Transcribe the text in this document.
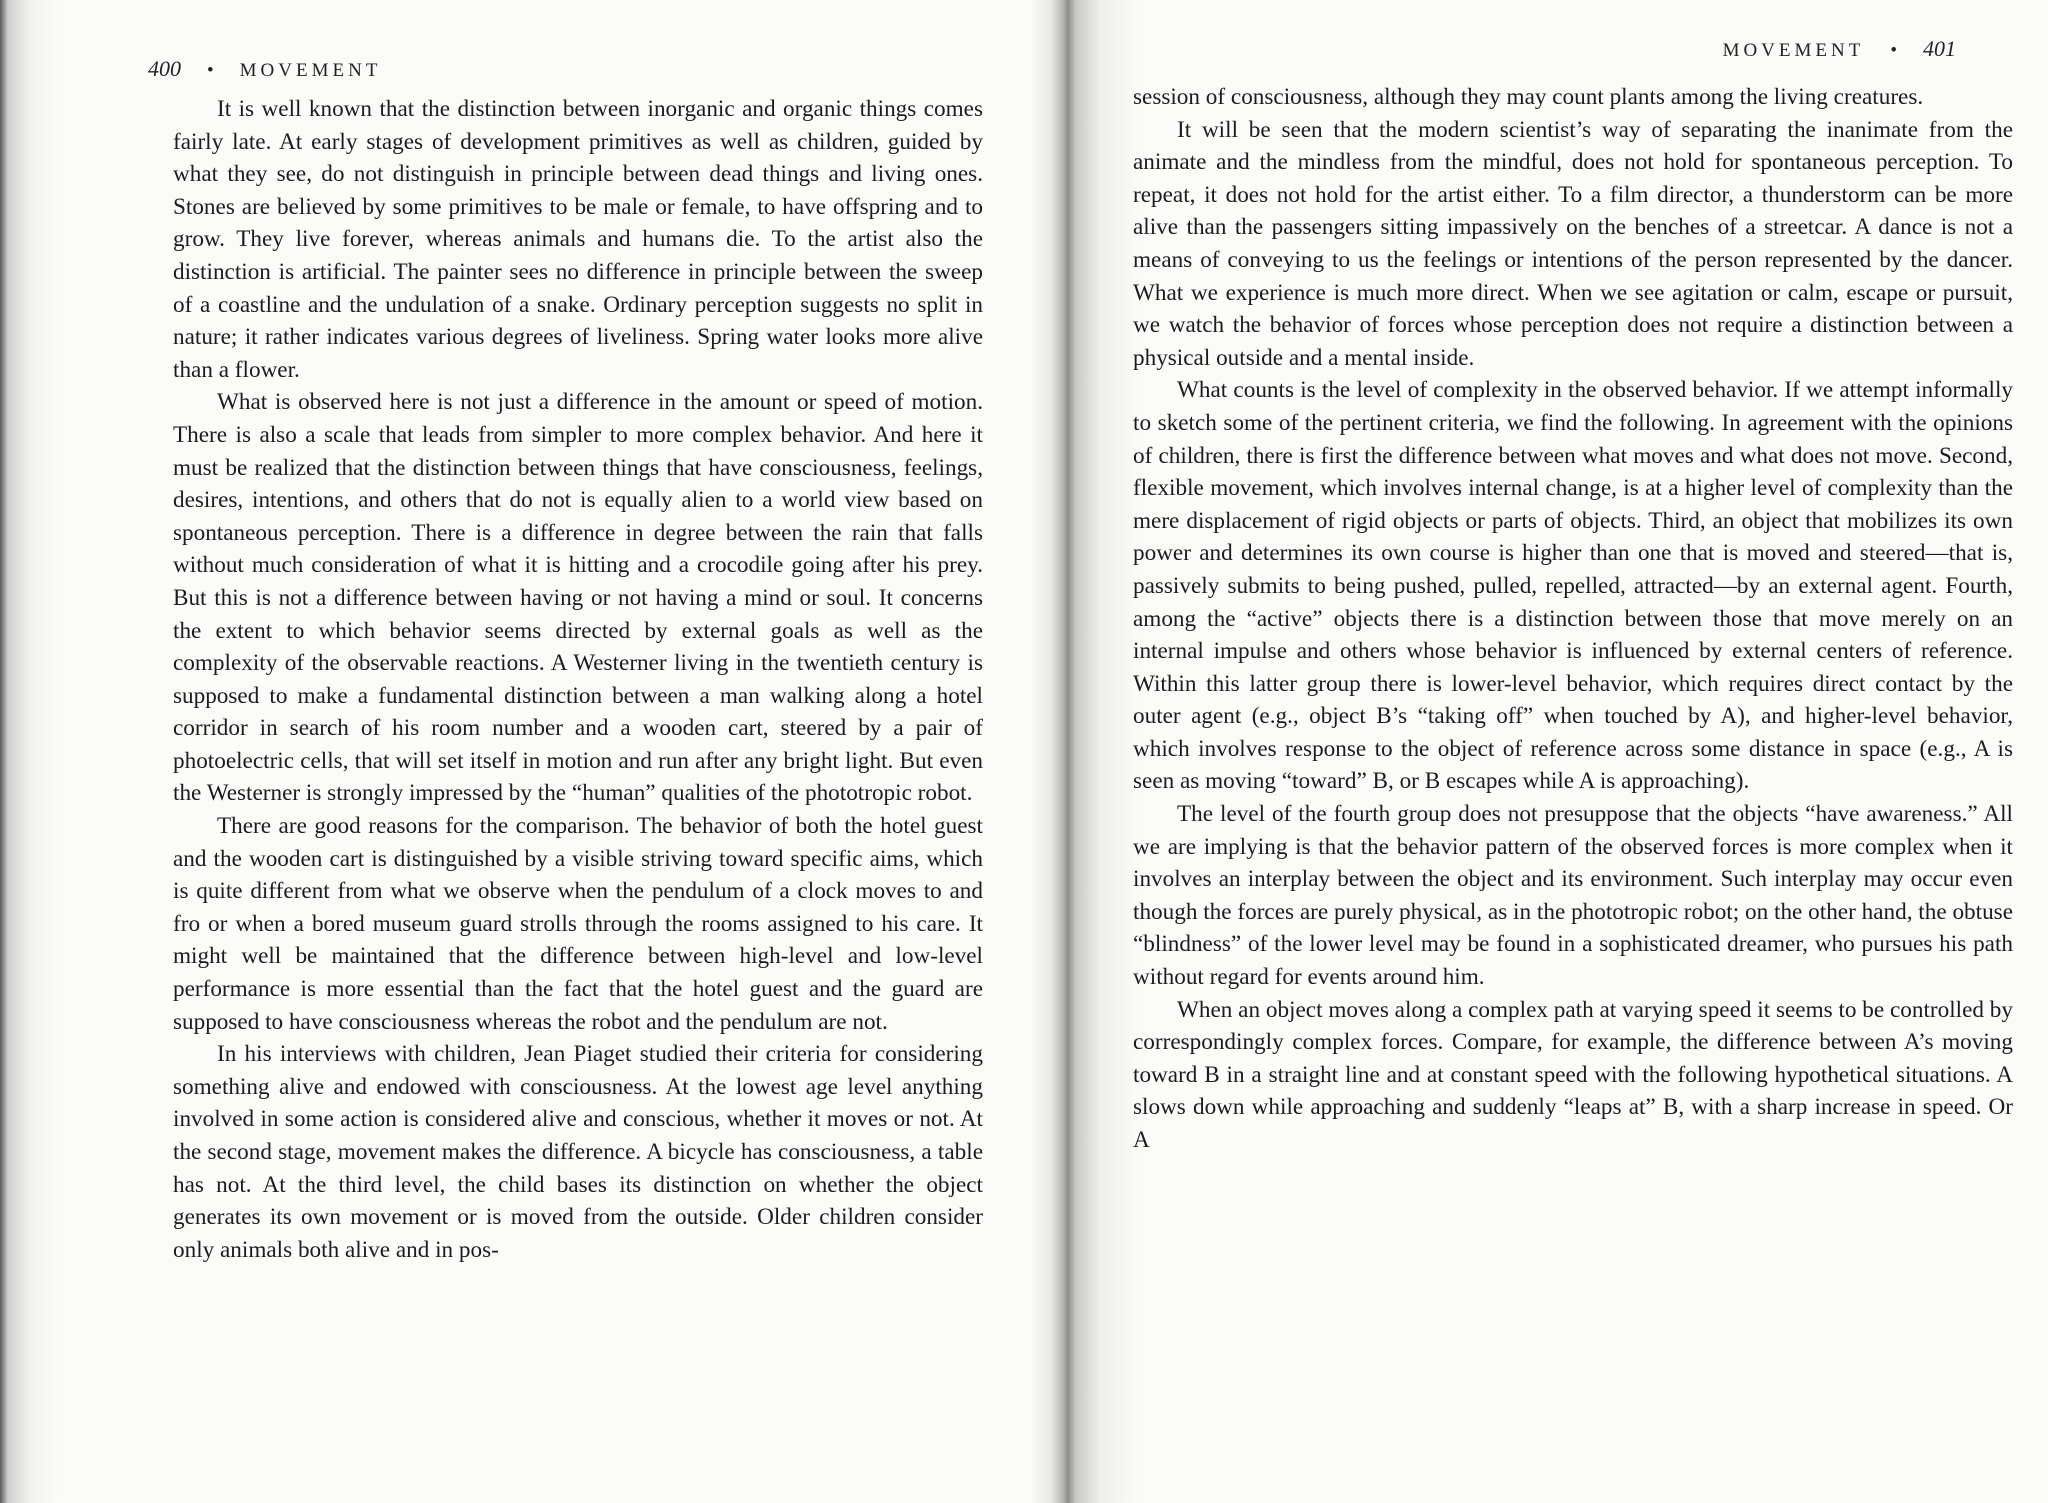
400 • MOVEMENT

It is well known that the distinction between inorganic and organic things comes fairly late. At early stages of development primitives as well as children, guided by what they see, do not distinguish in principle between dead things and living ones. Stones are believed by some primitives to be male or female, to have offspring and to grow. They live forever, whereas animals and humans die. To the artist also the distinction is artificial. The painter sees no difference in principle between the sweep of a coastline and the undulation of a snake. Ordinary perception suggests no split in nature; it rather indicates various degrees of liveliness. Spring water looks more alive than a flower.

What is observed here is not just a difference in the amount or speed of motion. There is also a scale that leads from simpler to more complex behavior. And here it must be realized that the distinction between things that have consciousness, feelings, desires, intentions, and others that do not is equally alien to a world view based on spontaneous perception. There is a difference in degree between the rain that falls without much consideration of what it is hitting and a crocodile going after his prey. But this is not a difference between having or not having a mind or soul. It concerns the extent to which behavior seems directed by external goals as well as the complexity of the observable reactions. A Westerner living in the twentieth century is supposed to make a fundamental distinction between a man walking along a hotel corridor in search of his room number and a wooden cart, steered by a pair of photoelectric cells, that will set itself in motion and run after any bright light. But even the Westerner is strongly impressed by the “human” qualities of the phototropic robot.

There are good reasons for the comparison. The behavior of both the hotel guest and the wooden cart is distinguished by a visible striving toward specific aims, which is quite different from what we observe when the pendulum of a clock moves to and fro or when a bored museum guard strolls through the rooms assigned to his care. It might well be maintained that the difference between high-level and low-level performance is more essential than the fact that the hotel guest and the guard are supposed to have consciousness whereas the robot and the pendulum are not.

In his interviews with children, Jean Piaget studied their criteria for considering something alive and endowed with consciousness. At the lowest age level anything involved in some action is considered alive and conscious, whether it moves or not. At the second stage, movement makes the difference. A bicycle has consciousness, a table has not. At the third level, the child bases its distinction on whether the object generates its own movement or is moved from the outside. Older children consider only animals both alive and in pos-

MOVEMENT • 401

session of consciousness, although they may count plants among the living creatures.

It will be seen that the modern scientist’s way of separating the inanimate from the animate and the mindless from the mindful, does not hold for spontaneous perception. To repeat, it does not hold for the artist either. To a film director, a thunderstorm can be more alive than the passengers sitting impassively on the benches of a streetcar. A dance is not a means of conveying to us the feelings or intentions of the person represented by the dancer. What we experience is much more direct. When we see agitation or calm, escape or pursuit, we watch the behavior of forces whose perception does not require a distinction between a physical outside and a mental inside.

What counts is the level of complexity in the observed behavior. If we attempt informally to sketch some of the pertinent criteria, we find the following. In agreement with the opinions of children, there is first the difference between what moves and what does not move. Second, flexible movement, which involves internal change, is at a higher level of complexity than the mere displacement of rigid objects or parts of objects. Third, an object that mobilizes its own power and determines its own course is higher than one that is moved and steered—that is, passively submits to being pushed, pulled, repelled, attracted—by an external agent. Fourth, among the “active” objects there is a distinction between those that move merely on an internal impulse and others whose behavior is influenced by external centers of reference. Within this latter group there is lower-level behavior, which requires direct contact by the outer agent (e.g., object B’s “taking off” when touched by A), and higher-level behavior, which involves response to the object of reference across some distance in space (e.g., A is seen as moving “toward” B, or B escapes while A is approaching).

The level of the fourth group does not presuppose that the objects “have awareness.” All we are implying is that the behavior pattern of the observed forces is more complex when it involves an interplay between the object and its environment. Such interplay may occur even though the forces are purely physical, as in the phototropic robot; on the other hand, the obtuse “blindness” of the lower level may be found in a sophisticated dreamer, who pursues his path without regard for events around him.

When an object moves along a complex path at varying speed it seems to be controlled by correspondingly complex forces. Compare, for example, the difference between A’s moving toward B in a straight line and at constant speed with the following hypothetical situations. A slows down while approaching and suddenly “leaps at” B, with a sharp increase in speed. Or A
